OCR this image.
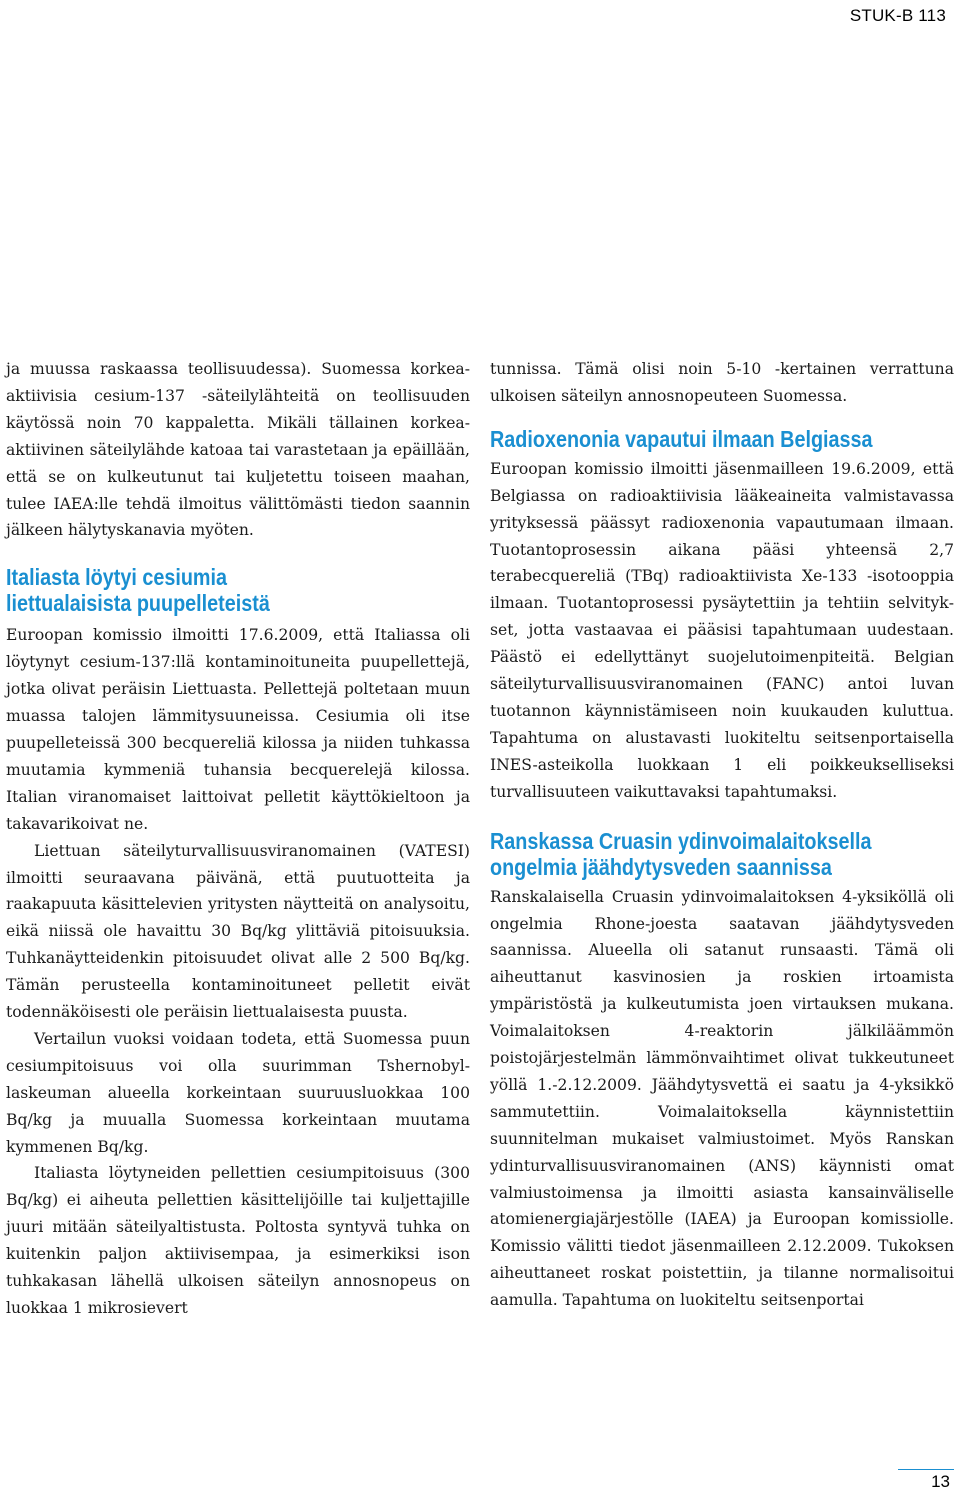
STUK-B 113

ja muussa raskaassa teollisuudessa). Suomessa korkea-aktiivisia cesium-137 -säteilylähteitä on teollisuuden käytössä noin 70 kappaletta. Mikäli tällainen korkea-aktiivinen säteilylähde katoaa tai varastetaan ja epäillään, että se on kulkeutunut tai kuljetettu toiseen maahan, tulee IAEA:lle tehdä ilmoitus välittömästi tiedon saannin jälkeen hälytyskanavia myöten.

Italiasta löytyi cesiumia
liettualaisista puupelleteistä

Euroopan komissio ilmoitti 17.6.2009, että Italiassa oli löytynyt cesium-137:llä kontaminoituneita puupellettejä, jotka olivat peräisin Liettuasta. Pellettejä poltetaan muun muassa talojen lämmitysuuneissa. Cesiumia oli itse puupelleteissä 300 becquereliä kilossa ja niiden tuhkassa muutamia kymmeniä tuhansia becquerelejä kilossa. Italian viranomaiset laittoivat pelletit käyttökieltoon ja takavarikoivat ne.

Liettuan säteilyturvallisuusviranomainen (VATESI) ilmoitti seuraavana päivänä, että puutuotteita ja raakapuuta käsittelevien yritysten näytteitä on analysoitu, eikä niissä ole havaittu 30 Bq/kg ylittäviä pitoisuuksia. Tuhkanäytteidenkin pitoisuudet olivat alle 2 500 Bq/kg. Tämän perusteella kontaminoituneet pelletit eivät todennäköisesti ole peräisin liettualaisesta puusta.

Vertailun vuoksi voidaan todeta, että Suomessa puun cesiumpitoisuus voi olla suurimman Tshernobyl-laskeuman alueella korkeintaan suuruusluokkaa 100 Bq/kg ja muualla Suomessa korkeintaan muutama kymmenen Bq/kg.

Italiasta löytyneiden pellettien cesiumpitoisuus (300 Bq/kg) ei aiheuta pellettien käsittelijöille tai kuljettajille juuri mitään säteilyaltistusta. Poltosta syntyvä tuhka on kuitenkin paljon aktiivisempaa, ja esimerkiksi ison tuhkakasan lähellä ulkoisen säteilyn annosnopeus on luokkaa 1 mikrosievert

tunnissa. Tämä olisi noin 5-10 -kertainen verrattuna ulkoisen säteilyn annosnopeuteen Suomessa.

Radioxenonia vapautui ilmaan Belgiassa

Euroopan komissio ilmoitti jäsenmailleen 19.6.2009, että Belgiassa on radioaktiivisia lääkeaineita valmistavassa yrityksessä päässyt radioxenonia vapautumaan ilmaan. Tuotantoprosessin aikana pääsi yhteensä 2,7 terabecquereliä (TBq) radioaktiivista Xe-133 -isotooppia ilmaan. Tuotantoprosessi pysäytettiin ja tehtiin selvitykset, jotta vastaavaa ei pääsisi tapahtumaan uudestaan. Päästö ei edellyttänyt suojelutoimenpiteitä. Belgian säteilyturvallisuusviranomainen (FANC) antoi luvan tuotannon käynnistämiseen noin kuukauden kuluttua. Tapahtuma on alustavasti luokiteltu seitsenportaisella INES-asteikolla luokkaan 1 eli poikkeukselliseksi turvallisuuteen vaikuttavaksi tapahtumaksi.

Ranskassa Cruasin ydinvoimalaitoksella
ongelmia jäähdytysveden saannissa

Ranskalaisella Cruasin ydinvoimalaitoksen 4-yksiköllä oli ongelmia Rhone-joesta saatavan jäähdytysveden saannissa. Alueella oli satanut runsaasti. Tämä oli aiheuttanut kasvinosien ja roskien irtoamista ympäristöstä ja kulkeutumista joen virtauksen mukana. Voimalaitoksen 4-reaktorin jälkiläämmön poistojärjestelmän lämmönvaihtimet olivat tukkeutuneet yöllä 1.-2.12.2009. Jäähdytysvettä ei saatu ja 4-yksikkö sammutettiin. Voimalaitoksella käynnistettiin suunnitelman mukaiset valmiustoimet. Myös Ranskan ydinturvallisuusviranomainen (ANS) käynnisti omat valmiustoimensa ja ilmoitti asiasta kansainväliselle atomienergiajärjestölle (IAEA) ja Euroopan komissiolle. Komissio välitti tiedot jäsenmailleen 2.12.2009. Tukoksen aiheuttaneet roskat poistettiin, ja tilanne normalisoitui aamulla. Tapahtuma on luokiteltu seitsenportai

13
